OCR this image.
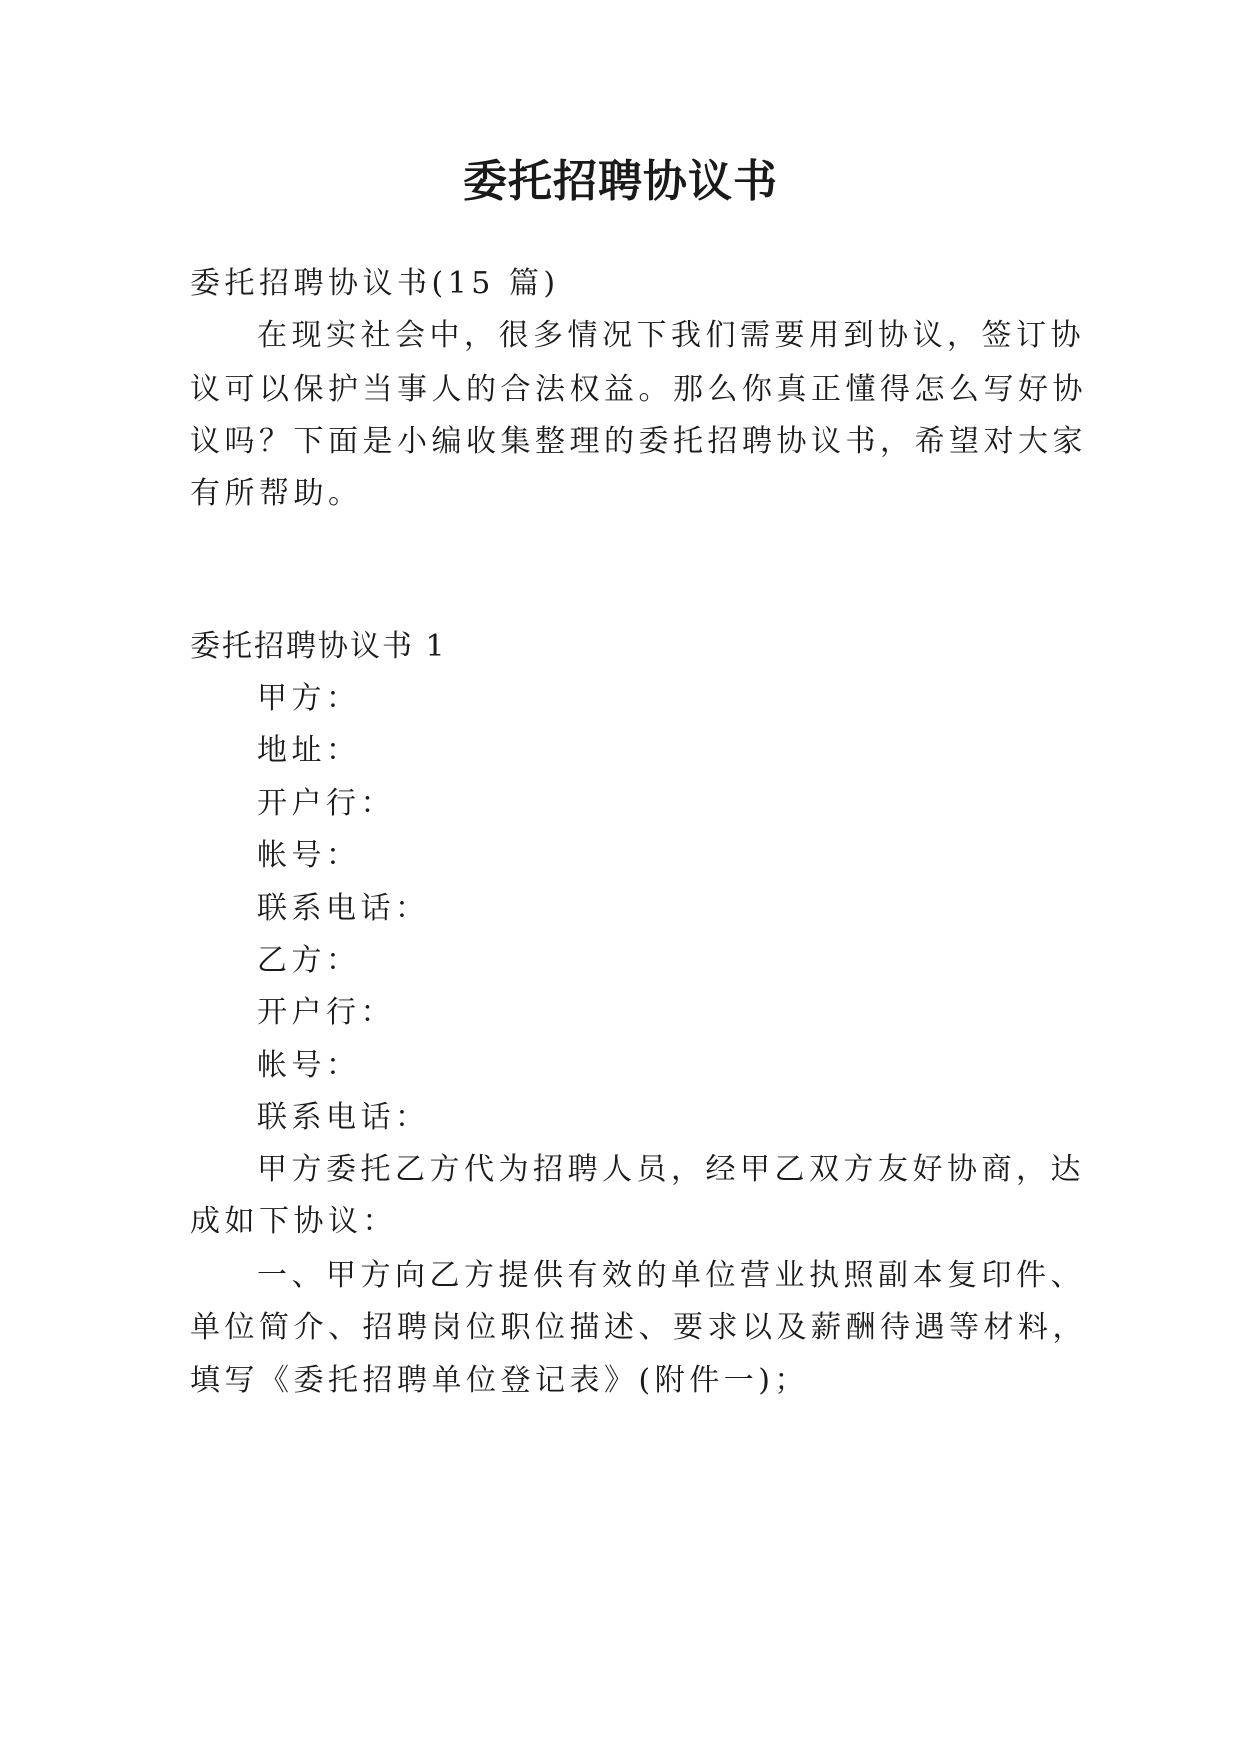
委托招聘协议书
委托招聘协议书(15 篇)
在现实社会中，很多情况下我们需要用到协议，签订协
议可以保护当事人的合法权益。那么你真正懂得怎么写好协
议吗？下面是小编收集整理的委托招聘协议书，希望对大家
有所帮助。
委托招聘协议书 1
甲方：
地址：
开户行：
帐号：
联系电话：
乙方：
开户行：
帐号：
联系电话：
甲方委托乙方代为招聘人员，经甲乙双方友好协商，达
成如下协议：
一、甲方向乙方提供有效的单位营业执照副本复印件、
单位简介、招聘岗位职位描述、要求以及薪酬待遇等材料，
填写《委托招聘单位登记表》(附件一)；
